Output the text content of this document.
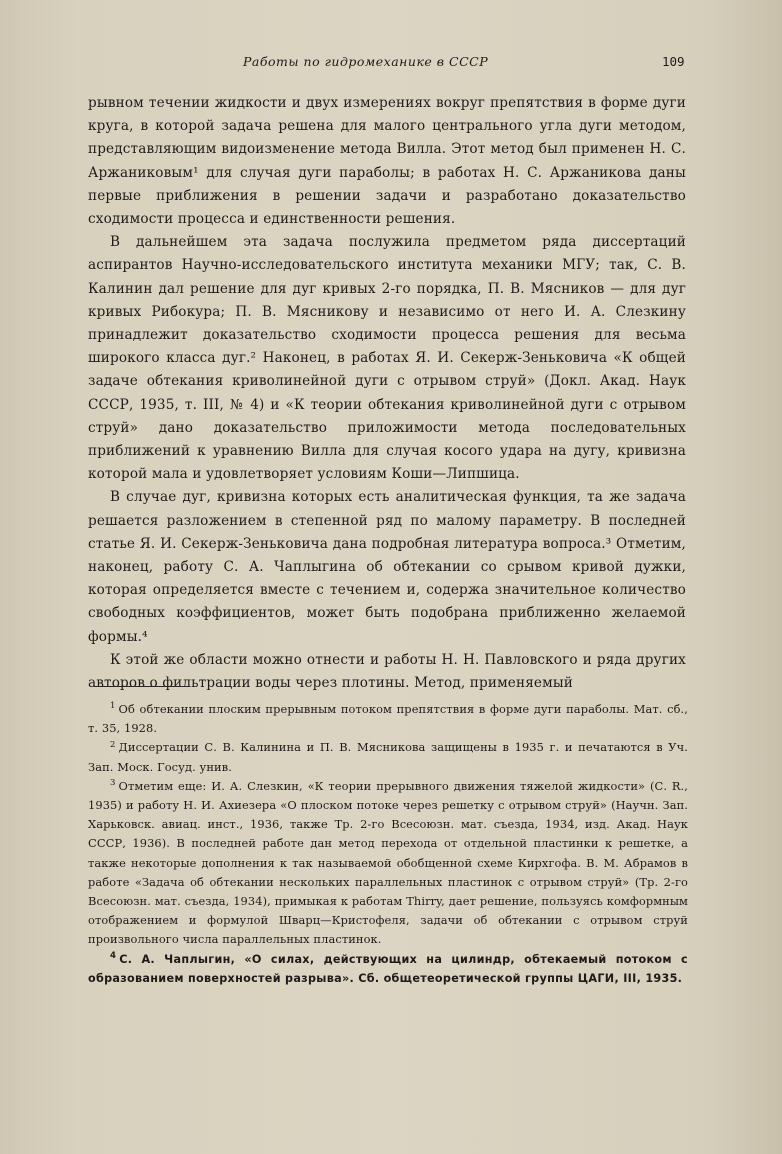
Работы по гидромеханике в СССР	109

рывном течении жидкости и двух измерениях вокруг препятствия в форме дуги круга, в которой задача решена для малого центрального угла дуги методом, представляющим видоизменение метода Вилла. Этот метод был применен Н. С. Аржаниковым¹ для случая дуги параболы; в работах Н. С. Аржаникова даны первые приближения в решении задачи и разработано доказательство сходимости процесса и единственности решения.

В дальнейшем эта задача послужила предметом ряда диссертаций аспирантов Научно-исследовательского института механики МГУ; так, С. В. Калинин дал решение для дуг кривых 2-го порядка, П. В. Мясников — для дуг кривых Рибокура; П. В. Мясникову и независимо от него И. А. Слезкину принадлежит доказательство сходимости процесса решения для весьма широкого класса дуг.² Наконец, в работах Я. И. Секерж-Зеньковича «К общей задаче обтекания криволинейной дуги с отрывом струй» (Докл. Акад. Наук СССР, 1935, т. III, № 4) и «К теории обтекания криволинейной дуги с отрывом струй» дано доказательство приложимости метода последовательных приближений к уравнению Вилла для случая косого удара на дугу, кривизна которой мала и удовлетворяет условиям Коши—Липшица.

В случае дуг, кривизна которых есть аналитическая функция, та же задача решается разложением в степенной ряд по малому параметру. В последней статье Я. И. Секерж-Зеньковича дана подробная литература вопроса.³ Отметим, наконец, работу С. А. Чаплыгина об обтекании со срывом кривой дужки, которая определяется вместе с течением и, содержа значительное количество свободных коэффициентов, может быть подобрана приближенно желаемой формы.⁴

К этой же области можно отнести и работы Н. Н. Павловского и ряда других авторов о фильтрации воды через плотины. Метод, применяемый

$^1$ Об обтекании плоским прерывным потоком препятствия в форме дуги параболы. Мат. сб., т. 35, 1928.

$^2$ Диссертации С. В. Калинина и П. В. Мясникова защищены в 1935 г. и печатаются в Уч. Зап. Моск. Госуд. унив.

$^3$ Отметим еще: И. А. Слезкин, «К теории прерывного движения тяжелой жидкости» (С. R., 1935) и работу Н. И. Ахиезера «О плоском потоке через решетку с отрывом струй» (Научн. Зап. Харьковск. авиац. инст., 1936, также Тр. 2-го Всесоюзн. мат. съезда, 1934, изд. Акад. Наук СССР, 1936). В последней работе дан метод перехода от отдельной пластинки к решетке, а также некоторые дополнения к так называемой обобщенной схеме Кирхгофа. В. М. Абрамов в работе «Задача об обтекании нескольких параллельных пластинок с отрывом струй» (Тр. 2-го Всесоюзн. мат. съезда, 1934), примыкая к работам Thirry, дает решение, пользуясь комформным отображением и формулой Шварц—Кристофеля, задачи об обтекании с отрывом струй произвольного числа параллельных пластинок.

$^4$ С. А. Чаплыгин, «О силах, действующих на цилиндр, обтекаемый потоком с образованием поверхностей разрыва». Сб. общетеоретической группы ЦАГИ, III, 1935.
